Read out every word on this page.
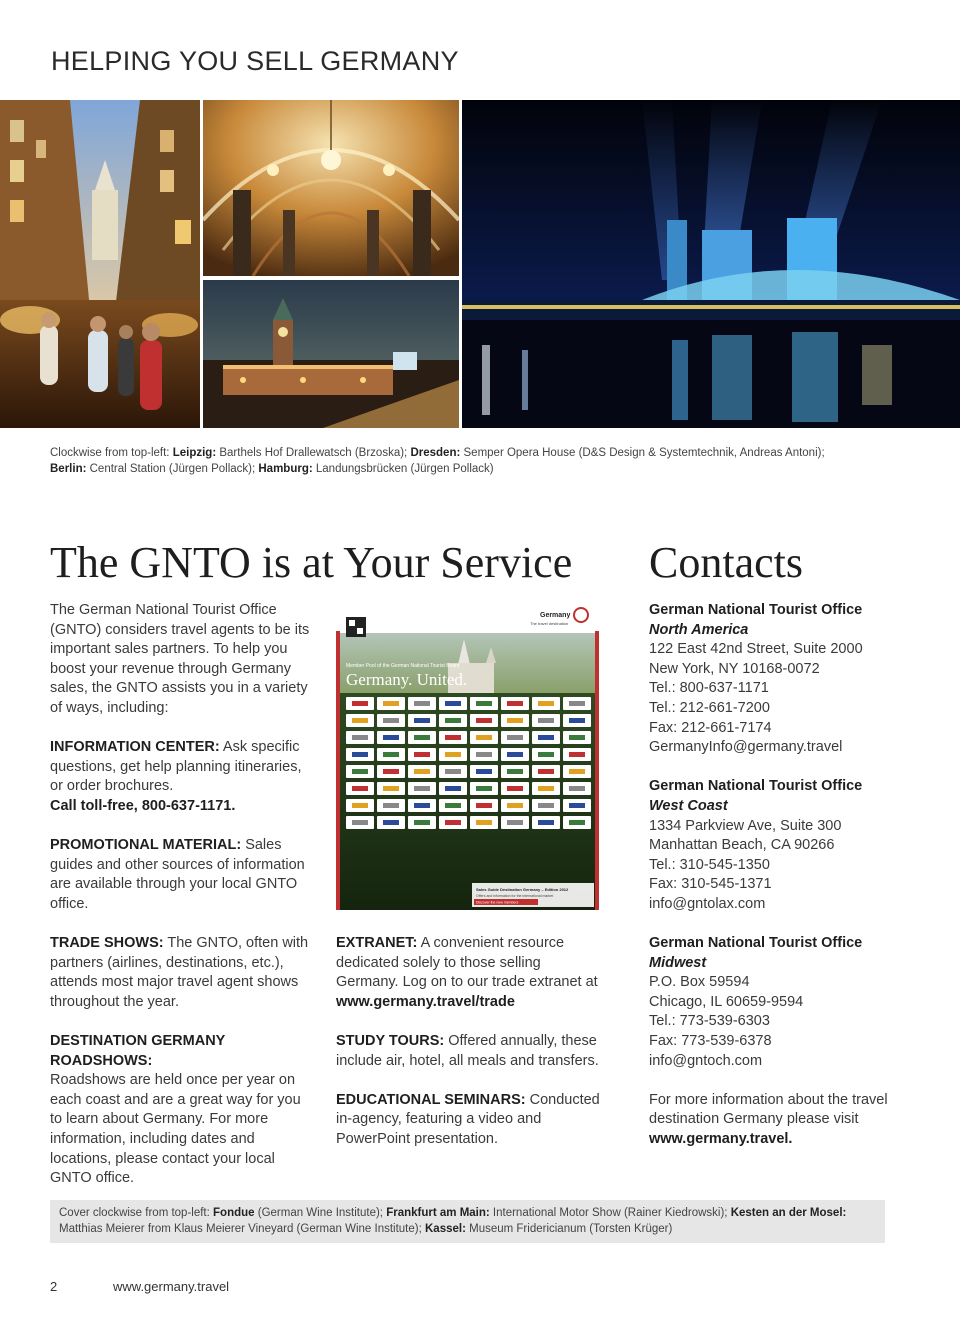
HELPING YOU SELL GERMANY
Clockwise from top-left: Leipzig: Barthels Hof Drallewatsch (Brzoska); Dresden: Semper Opera House (D&S Design & Systemtechnik, Andreas Antoni);
Berlin: Central Station (Jürgen Pollack); Hamburg: Landungsbrücken (Jürgen Pollack)
The GNTO is at Your Service Contacts

The German National Tourist Office (GNTO) considers travel agents to be its important sales partners. To help you boost your revenue through Germany sales, the GNTO assists you in a variety of ways, including:

INFORMATION CENTER: Ask specific questions, get help planning itineraries, or order brochures.
Call toll-free, 800-637-1171.

PROMOTIONAL MATERIAL: Sales guides and other sources of information are available through your local GNTO office.

TRADE SHOWS: The GNTO, often with partners (airlines, destinations, etc.), attends most major travel agent shows throughout the year.

DESTINATION GERMANY ROADSHOWS:
Roadshows are held once per year on each coast and are a great way for you to learn about Germany. For more information, including dates and locations, please contact your local GNTO office.

Germany
The travel destination
Member Pool of the German National Tourist Board
Germany. United.
Sales Guide Destination Germany – Edition 2012
Offers and information for the international market
Discover the new members

EXTRANET: A convenient resource dedicated solely to those selling Germany. Log on to our trade extranet at
www.germany.travel/trade

STUDY TOURS: Offered annually, these include air, hotel, all meals and transfers.

EDUCATIONAL SEMINARS: Conducted in-agency, featuring a video and PowerPoint presentation.

German National Tourist Office
North America
122 East 42nd Street, Suite 2000
New York, NY 10168-0072
Tel.: 800-637-1171
Tel.: 212-661-7200
Fax: 212-661-7174
GermanyInfo@germany.travel
German National Tourist Office
West Coast
1334 Parkview Ave, Suite 300
Manhattan Beach, CA 90266
Tel.: 310-545-1350
Fax: 310-545-1371
info@gntolax.com
German National Tourist Office
Midwest
P.O. Box 59594
Chicago, IL 60659-9594
Tel.: 773-539-6303
Fax: 773-539-6378
info@gntoch.com
For more information about the travel destination Germany please visit
www.germany.travel.
Cover clockwise from top-left: Fondue (German Wine Institute); Frankfurt am Main: International Motor Show (Rainer Kiedrowski); Kesten an der Mosel: Matthias Meierer from Klaus Meierer Vineyard (German Wine Institute); Kassel: Museum Fridericianum (Torsten Krüger)
2	www.germany.travel
